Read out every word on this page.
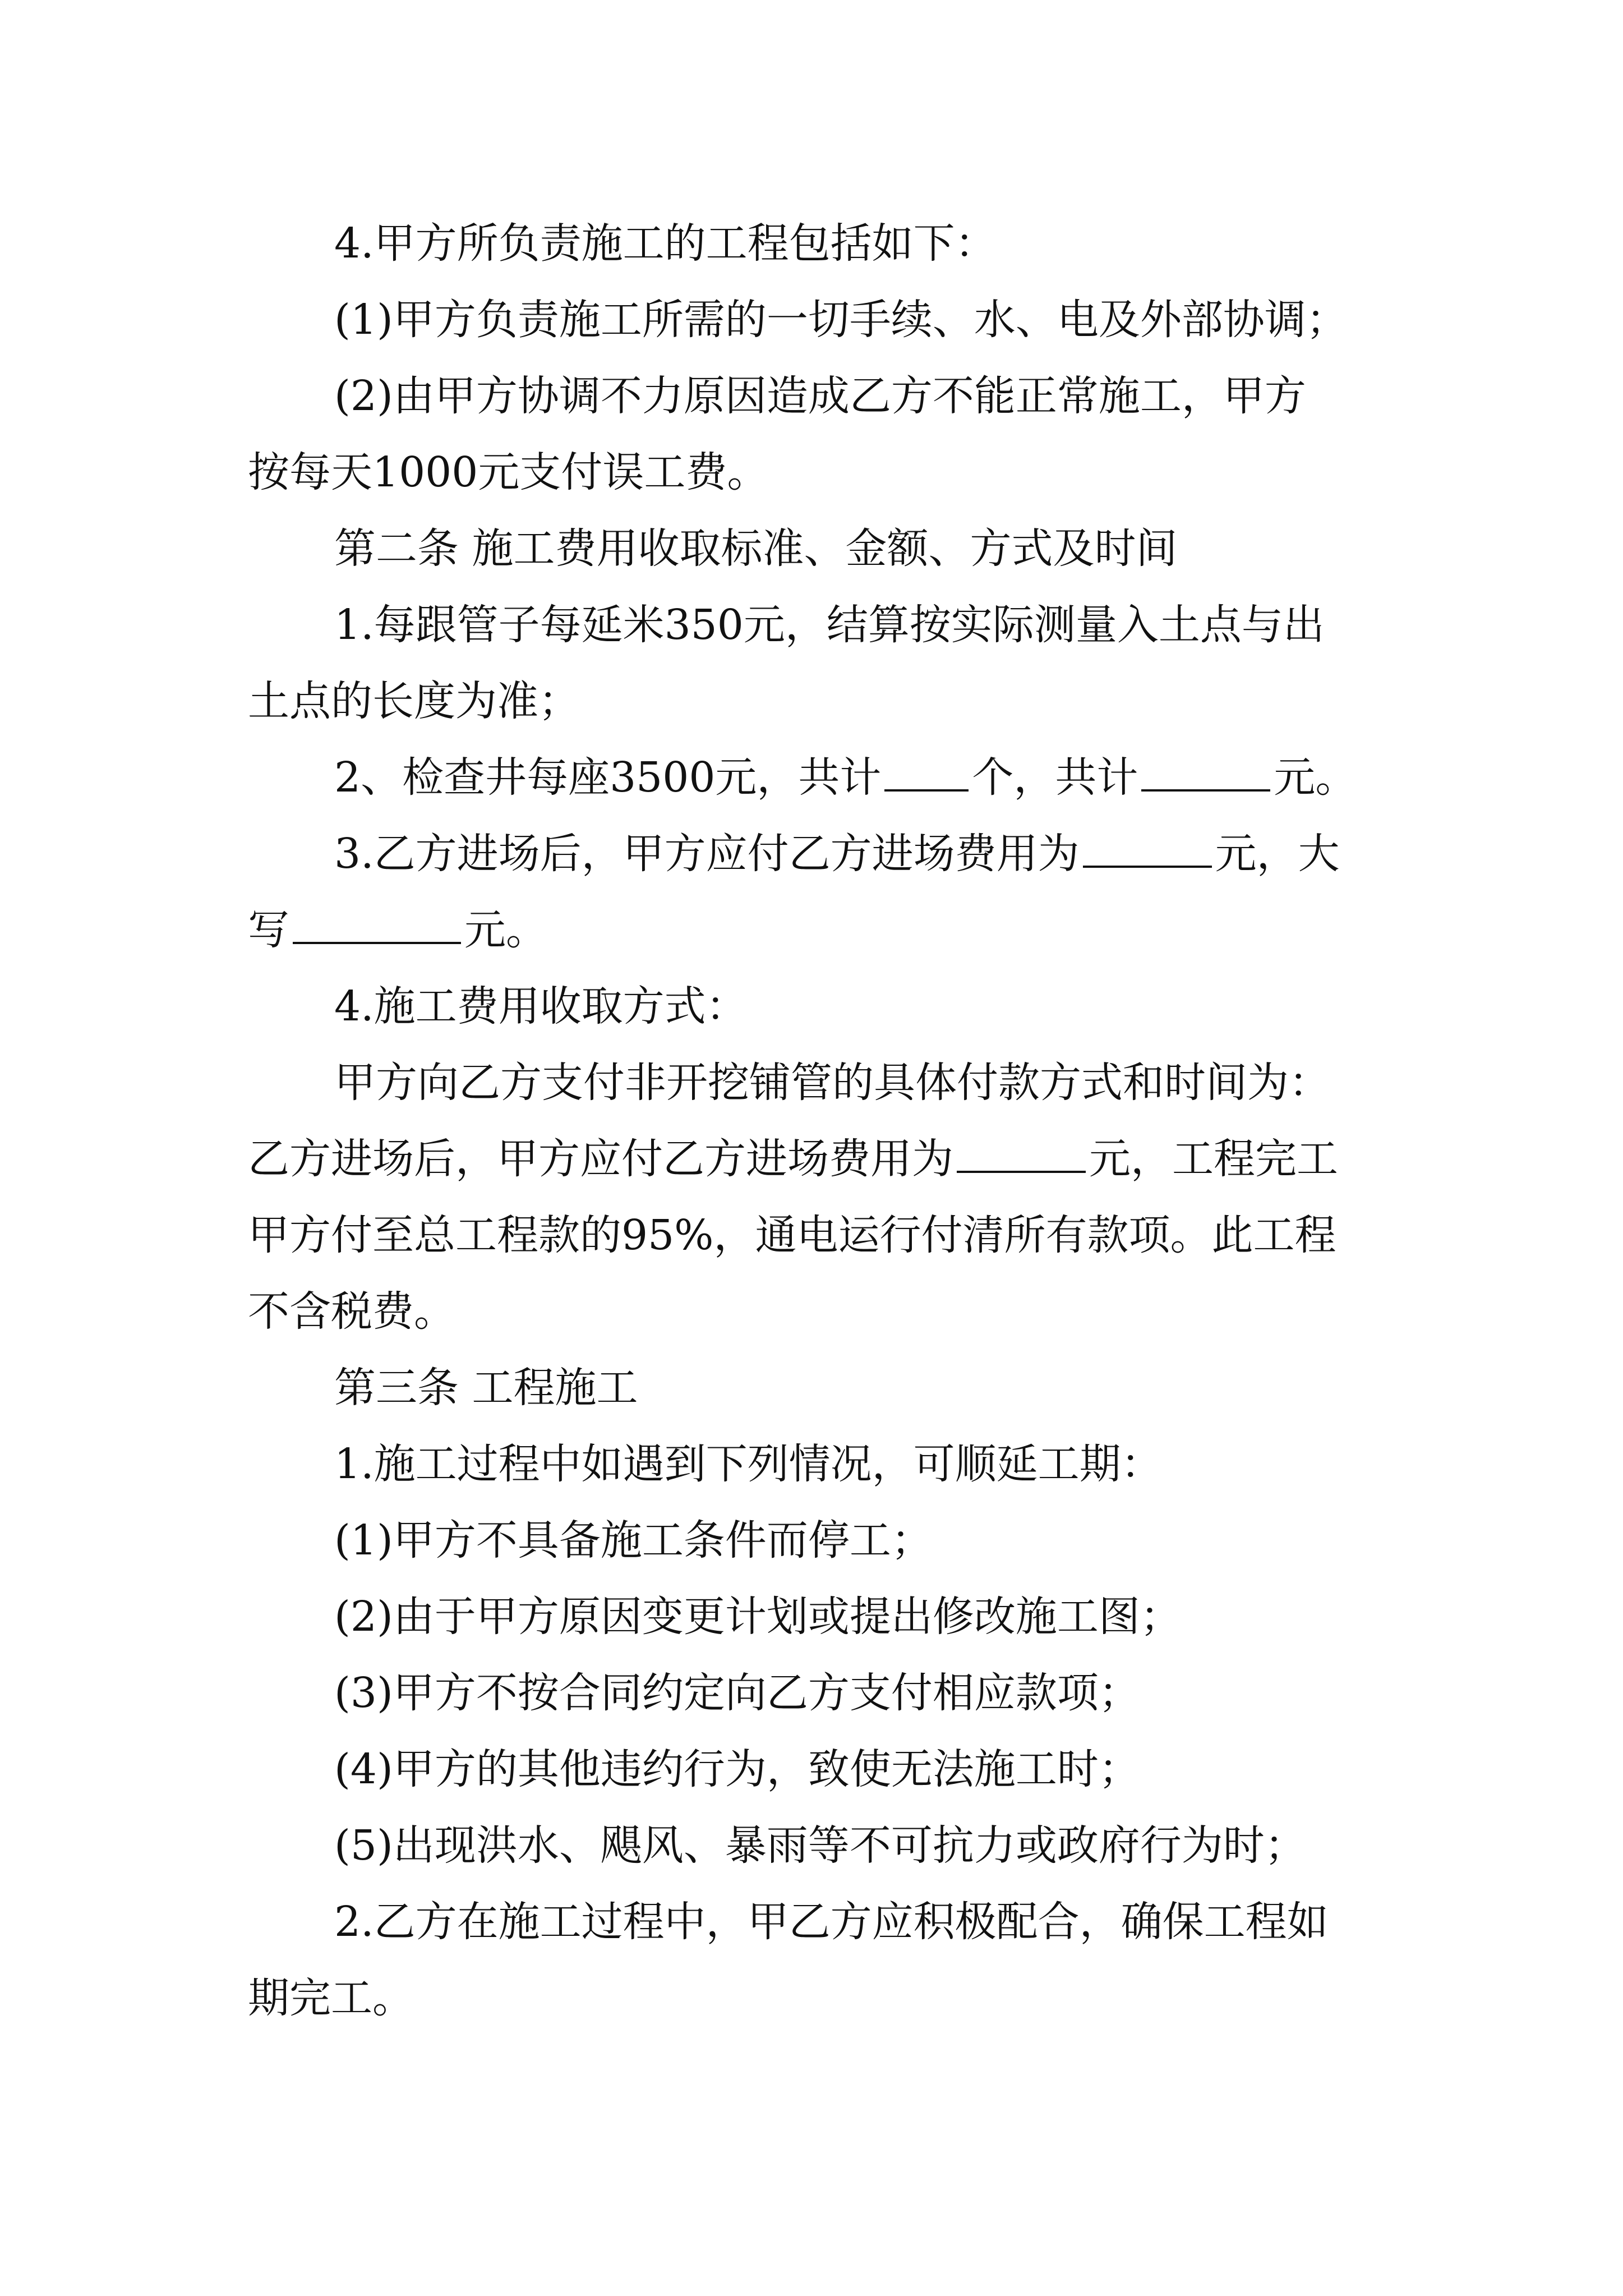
4.甲方所负责施工的工程包括如下：
(1)甲方负责施工所需的一切手续、水、电及外部协调；
(2)由甲方协调不力原因造成乙方不能正常施工，甲方
按每天1000元支付误工费。
第二条 施工费用收取标准、金额、方式及时间
1.每跟管子每延米350元，结算按实际测量入土点与出
土点的长度为准；
2、检查井每座3500元，共计 个，共计	元。
3.乙方进场后，甲方应付乙方进场费用为	元，大
写	元。
4.施工费用收取方式：
甲方向乙方支付非开挖铺管的具体付款方式和时间为：
乙方进场后，甲方应付乙方进场费用为	元，工程完工
甲方付至总工程款的95%，通电运行付清所有款项。此工程
不含税费。
第三条 工程施工
1.施工过程中如遇到下列情况，可顺延工期：
(1)甲方不具备施工条件而停工；
(2)由于甲方原因变更计划或提出修改施工图；
(3)甲方不按合同约定向乙方支付相应款项；
(4)甲方的其他违约行为，致使无法施工时；
(5)出现洪水、飓风、暴雨等不可抗力或政府行为时；
2.乙方在施工过程中，甲乙方应积极配合，确保工程如
期完工。
